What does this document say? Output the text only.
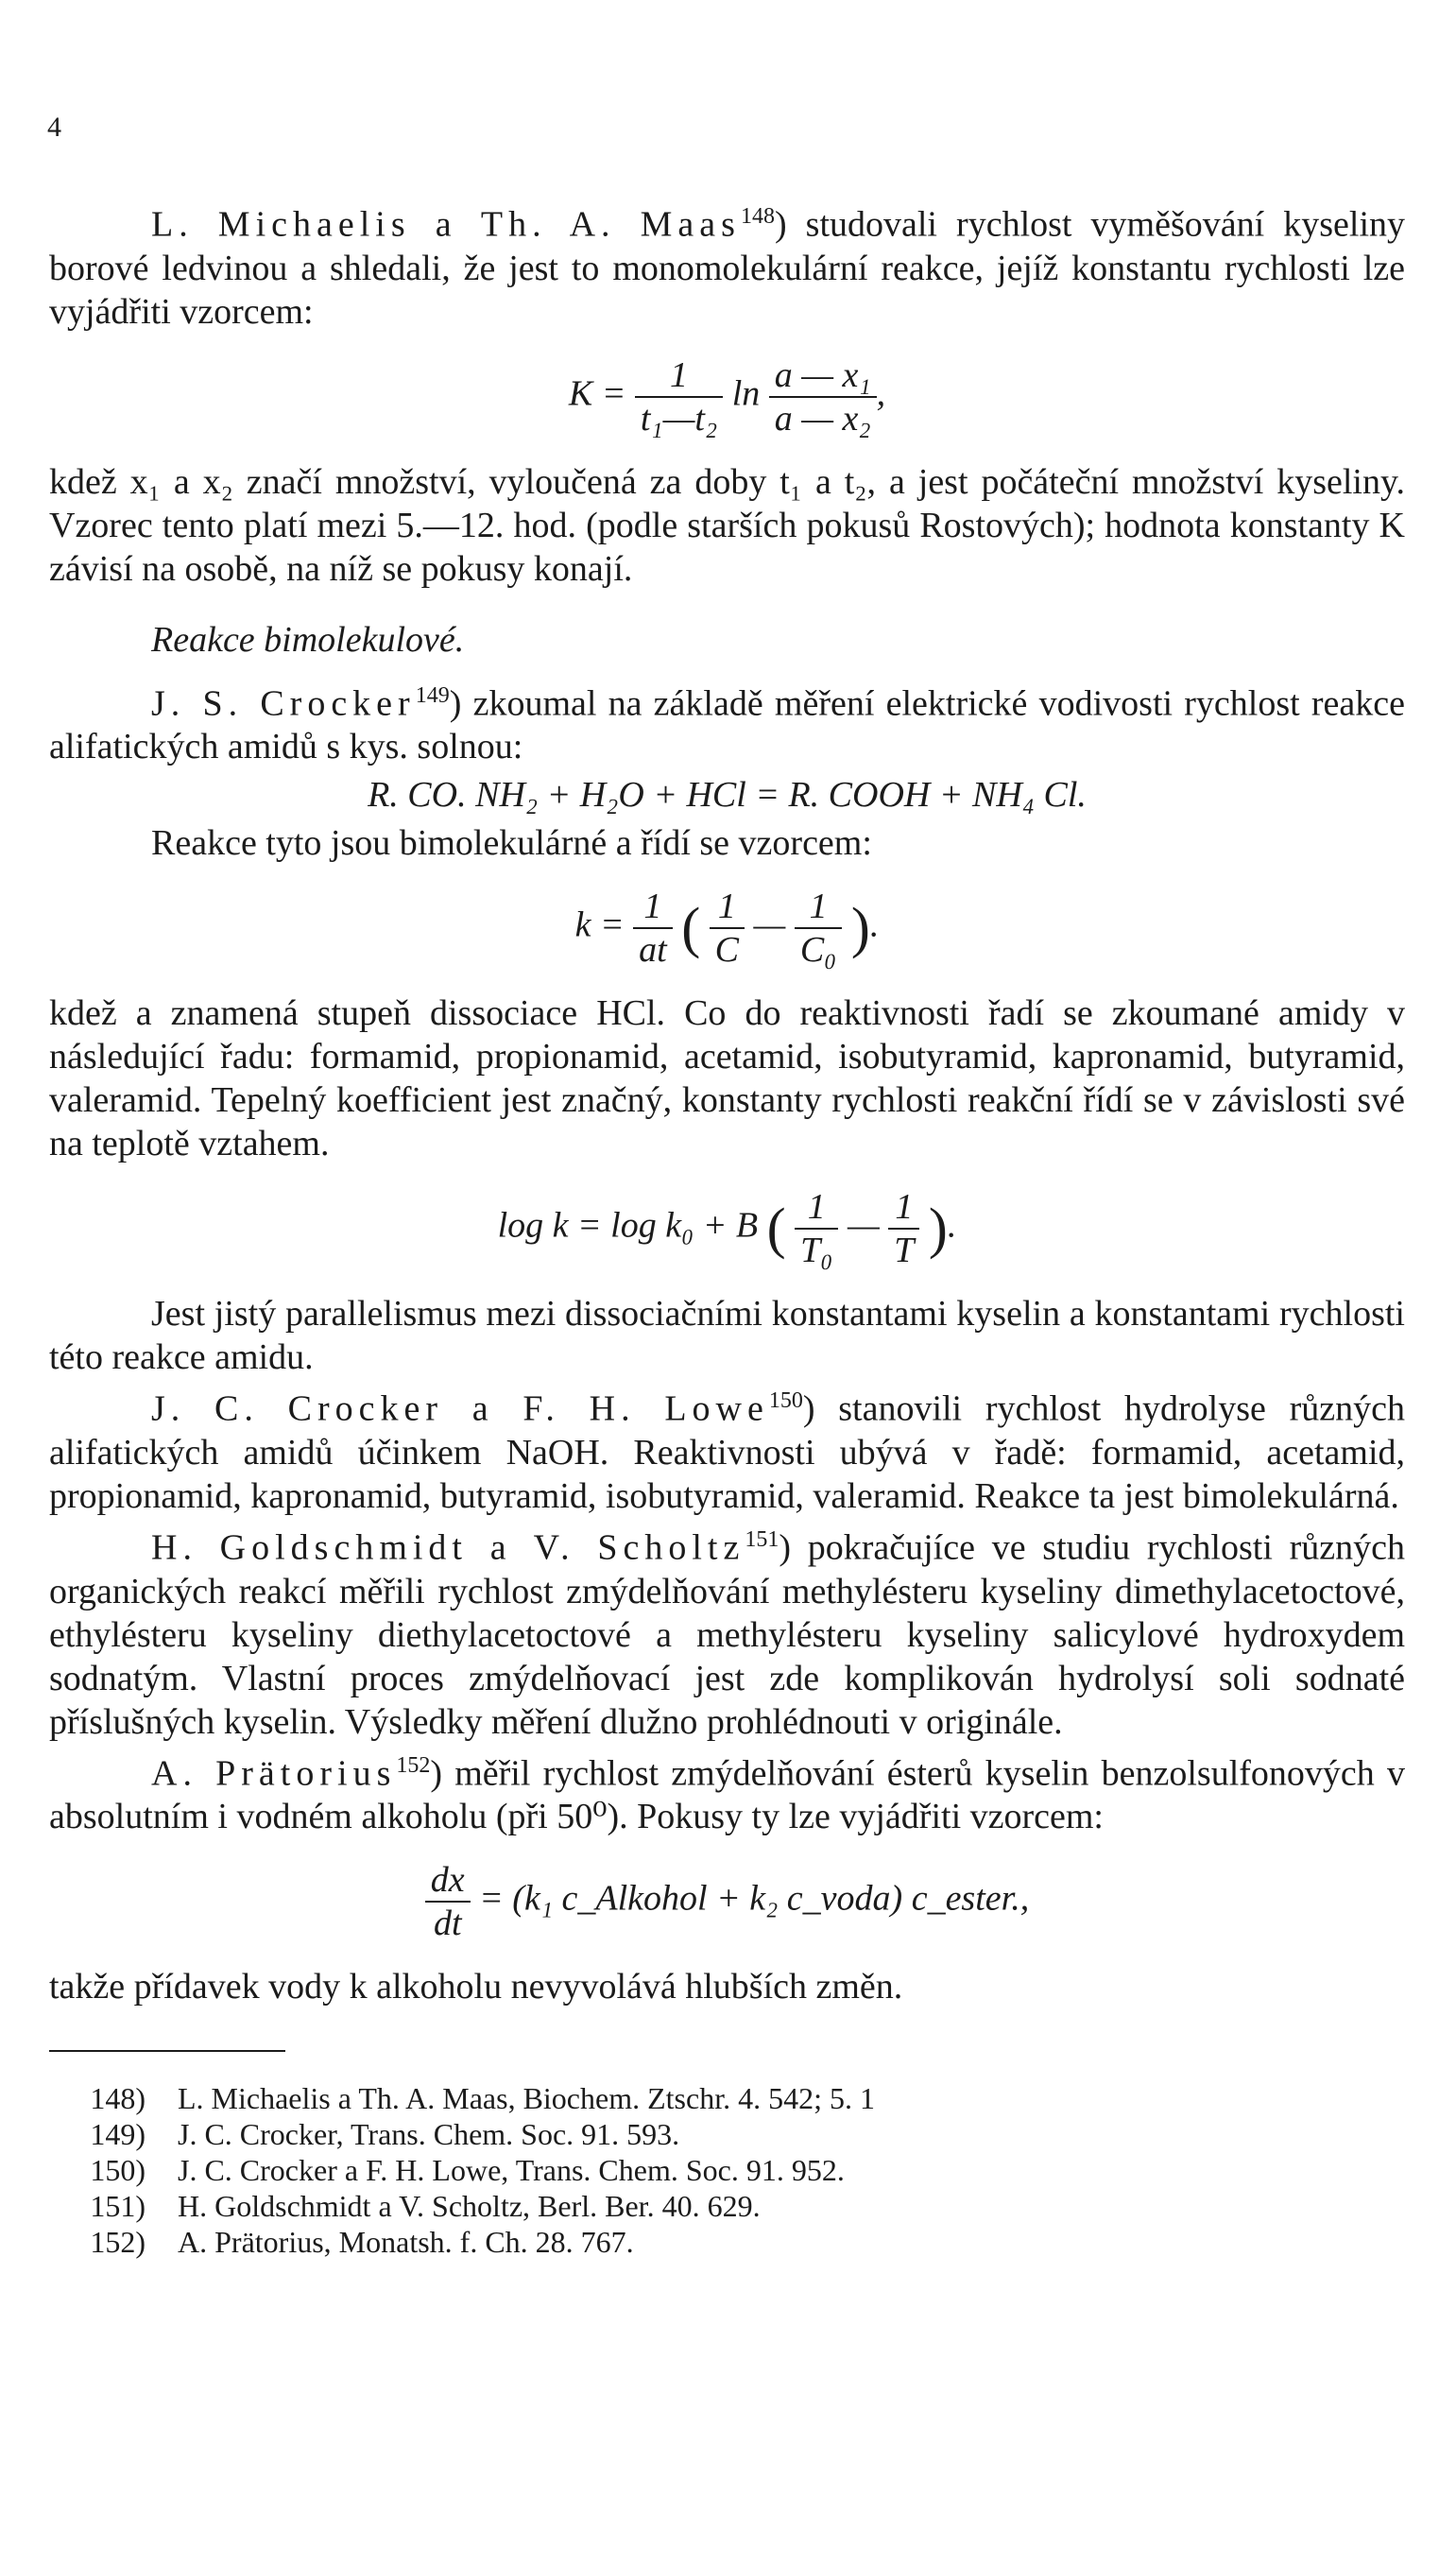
4

L. Michaelis a Th. A. Maas$^{148}$) studovali rychlost vyměšování kyseliny borové ledvinou a shledali, že jest to monomolekulární reakce, jejíž konstantu rychlosti lze vyjádřiti vzorcem:

$K = \frac{1}{\text{t₁—t₂}}$ $\ln \frac{\text{a — x₁}}{\text{a — x₂}}$ ,

kdež x₁ a x₂ značí množství, vyloučená za doby t₁ a t₂, a jest počáteční množství kyseliny. Vzorec tento platí mezi 5.—12. hod. (podle starších pokusů Rostových); hodnota konstanty K závisí na osobě, na níž se pokusy konají.

Reakce bimolekulové.

J. S. Crocker$^{149}$) zkoumal na základě měření elektrické vodivosti rychlost reakce alifatických amidů s kys. solnou:

R. CO. NH₂ + H₂O + HCl = R. COOH + NH₄ Cl.

Reakce tyto jsou bimolekulárné a řídí se vzorcem:

$k = \frac{1}{at}$ ( $\frac{1}{C}$ — $\frac{1}{\text{C₀}}$ ).

kdež a znamená stupeň dissociace HCl. Co do reaktivnosti řadí se zkoumané amidy v následující řadu: formamid, propionamid, acetamid, isobutyramid, kapronamid, butyramid, valeramid. Tepelný koefficient jest značný, konstanty rychlosti reakční řídí se v závislosti své na teplotě vztahem.

log k = log k₀ + B ( $\frac{1}{\text{T₀}}$ — $\frac{1}{T}$ ).

Jest jistý parallelismus mezi dissociačními konstantami kyselin a konstantami rychlosti této reakce amidu.

J. C. Crocker a F. H. Lowe$^{150}$) stanovili rychlost hydrolyse různých alifatických amidů účinkem NaOH. Reaktivnosti ubývá v řadě: formamid, acetamid, propionamid, kapronamid, butyramid, isobutyramid, valeramid. Reakce ta jest bimolekulárná.

H. Goldschmidt a V. Scholtz$^{151}$) pokračujíce ve studiu rychlosti různých organických reakcí měřili rychlost zmýdelňování methylésteru kyseliny dimethylacetoctové, ethylésteru kyseliny diethylacetoctové a methylésteru kyseliny salicylové hydroxydem sodnatým. Vlastní proces zmýdelňovací jest zde komplikován hydrolysí soli sodnaté příslušných kyselin. Výsledky měření dlužno prohlédnouti v originále.

A. Prätorius$^{152}$) měřil rychlost zmýdelňování ésterů kyselin benzolsulfonových v absolutním i vodném alkoholu (při 50⁰). Pokusy ty lze vyjádřiti vzorcem:

$\frac{dx}{dt} = (k_1$ c_Alkohol + k₂ c_voda) c_ester.,

takže přídavek vody k alkoholu nevyvolává hlubších změn.

148)	L. Michaelis a Th. A. Maas, Biochem. Ztschr. 4. 542; 5. 1
149)	J. C. Crocker, Trans. Chem. Soc. 91. 593.
150)	J. C. Crocker a F. H. Lowe, Trans. Chem. Soc. 91. 952.
151)	H. Goldschmidt a V. Scholtz, Berl. Ber. 40. 629.
152)	A. Prätorius, Monatsh. f. Ch. 28. 767.
